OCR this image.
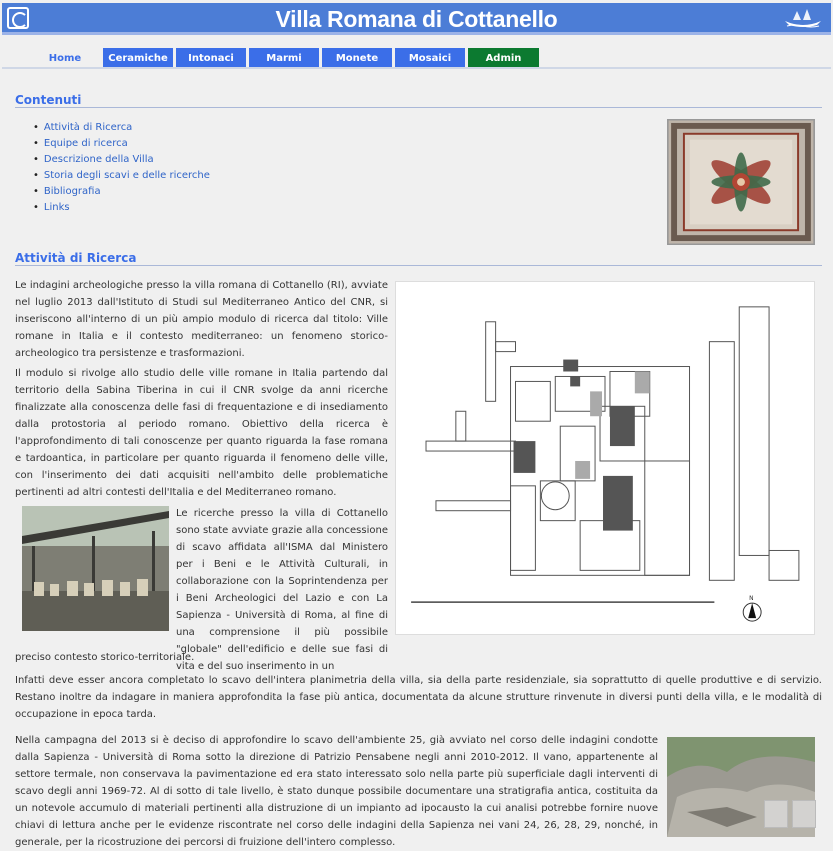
Villa Romana di Cottanello
Home	Ceramiche	Intonaci	Marmi	Monete	Mosaici	Admin
Contenuti
• Attività di Ricerca
• Equipe di ricerca
• Descrizione della Villa
• Storia degli scavi e delle ricerche
• Bibliografia
• Links
Attività di Ricerca
Le indagini archeologiche presso la villa romana di Cottanello (RI), avviate nel luglio 2013 dall'Istituto di Studi sul Mediterraneo Antico del CNR, si inseriscono all'interno di un più ampio modulo di ricerca dal titolo: Ville romane in Italia e il contesto mediterraneo: un fenomeno storico-archeologico tra persistenze e trasformazioni.
Il modulo si rivolge allo studio delle ville romane in Italia partendo dal territorio della Sabina Tiberina in cui il CNR svolge da anni ricerche finalizzate alla conoscenza delle fasi di frequentazione e di insediamento dalla protostoria al periodo romano. Obiettivo della ricerca è l'approfondimento di tali conoscenze per quanto riguarda la fase romana e tardoantica, in particolare per quanto riguarda il fenomeno delle ville, con l'inserimento dei dati acquisiti nell'ambito delle problematiche pertinenti ad altri contesti dell'Italia e del Mediterraneo romano.
N
Le ricerche presso la villa di Cottanello sono state avviate grazie alla concessione di scavo affidata all'ISMA dal Ministero per i Beni e le Attività Culturali, in collaborazione con la Soprintendenza per i Beni Archeologici del Lazio e con La Sapienza - Università di Roma, al fine di una comprensione il più possibile "globale" dell'edificio e delle sue fasi di vita e del suo inserimento in un
preciso contesto storico-territoriale.
Infatti deve esser ancora completato lo scavo dell'intera planimetria della villa, sia della parte residenziale, sia soprattutto di quelle produttive e di servizio. Restano inoltre da indagare in maniera approfondita la fase più antica, documentata da alcune strutture rinvenute in diversi punti della villa, e le modalità di occupazione in epoca tarda.
Nella campagna del 2013 si è deciso di approfondire lo scavo dell'ambiente 25, già avviato nel corso delle indagini condotte dalla Sapienza - Università di Roma sotto la direzione di Patrizio Pensabene negli anni 2010-2012. Il vano, appartenente al settore termale, non conservava la pavimentazione ed era stato interessato solo nella parte più superficiale dagli interventi di scavo degli anni 1969-72. Al di sotto di tale livello, è stato dunque possibile documentare una stratigrafia antica, costituita da un notevole accumulo di materiali pertinenti alla distruzione di un impianto ad ipocausto la cui analisi potrebbe fornire nuove chiavi di lettura anche per le evidenze riscontrate nel corso delle indagini della Sapienza nei vani 24, 26, 28, 29, nonché, in generale, per la ricostruzione dei percorsi di fruizione dell'intero complesso.
